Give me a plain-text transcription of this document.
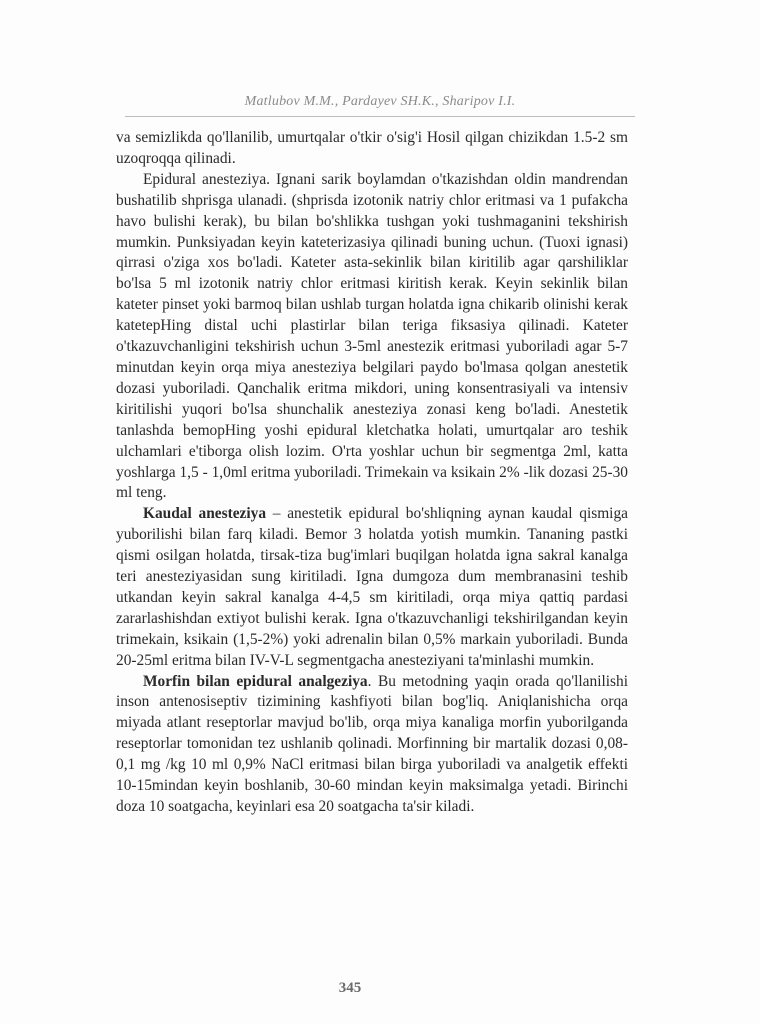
Matlubov M.M., Pardayev SH.K., Sharipov I.I.

va semizlikda qo'llanilib, umurtqalar o'tkir o'sig'i Hosil qilgan chizikdan 1.5-2 sm uzoqroqqa qilinadi.

Epidural anesteziya. Ignani sarik boylamdan o'tkazishdan oldin mandrendan bushatilib shprisga ulanadi. (shprisda izotonik natriy chlor eritmasi va 1 pufakcha havo bulishi kerak), bu bilan bo'shlikka tushgan yoki tushmaganini tekshirish mumkin. Punksiyadan keyin kateterizasiya qilinadi buning uchun. (Tuoxi ignasi) qirrasi o'ziga xos bo'ladi. Kateter asta-sekinlik bilan kiritilib agar qarshiliklar bo'lsa 5 ml izotonik natriy chlor eritmasi kiritish kerak. Keyin sekinlik bilan kateter pinset yoki barmoq bilan ushlab turgan holatda igna chikarib olinishi kerak katetepHing distal uchi plastirlar bilan teriga fiksasiya qilinadi. Kateter o'tkazuvchanligini tekshirish uchun 3-5ml anestezik eritmasi yuboriladi agar 5-7 minutdan keyin orqa miya anesteziya belgilari paydo bo'lmasa qolgan anestetik dozasi yuboriladi. Qanchalik eritma mikdori, uning konsentrasiyali va intensiv kiritilishi yuqori bo'lsa shunchalik anesteziya zonasi keng bo'ladi. Anestetik tanlashda bemopHing yoshi epidural kletchatka holati, umurtqalar aro teshik ulchamlari e'tiborga olish lozim. O'rta yoshlar uchun bir segmentga 2ml, katta yoshlarga 1,5 - 1,0ml eritma yuboriladi. Trimekain va ksikain 2% -lik dozasi 25-30 ml teng.

Kaudal anesteziya – anestetik epidural bo'shliqning aynan kaudal qismiga yuborilishi bilan farq kiladi. Bemor 3 holatda yotish mumkin. Tananing pastki qismi osilgan holatda, tirsak-tiza bug'imlari buqilgan holatda igna sakral kanalga teri anesteziyasidan sung kiritiladi. Igna dumgoza dum membranasini teshib utkandan keyin sakral kanalga 4-4,5 sm kiritiladi, orqa miya qattiq pardasi zararlashishdan extiyot bulishi kerak. Igna o'tkazuvchanligi tekshirilgandan keyin trimekain, ksikain (1,5-2%) yoki adrenalin bilan 0,5% markain yuboriladi. Bunda 20-25ml eritma bilan IV-V-L segmentgacha anesteziyani ta'minlashi mumkin.

Morfin bilan epidural analgeziya. Bu metodning yaqin orada qo'llanilishi inson antenosiseptiv tizimining kashfiyoti bilan bog'liq. Aniqlanishicha orqa miyada atlant reseptorlar mavjud bo'lib, orqa miya kanaliga morfin yuborilganda reseptorlar tomonidan tez ushlanib qolinadi. Morfinning bir martalik dozasi 0,08-0,1 mg /kg 10 ml 0,9% NaCl eritmasi bilan birga yuboriladi va analgetik effekti 10-15mindan keyin boshlanib, 30-60 mindan keyin maksimalga yetadi. Birinchi doza 10 soatgacha, keyinlari esa 20 soatgacha ta'sir kiladi.

345
